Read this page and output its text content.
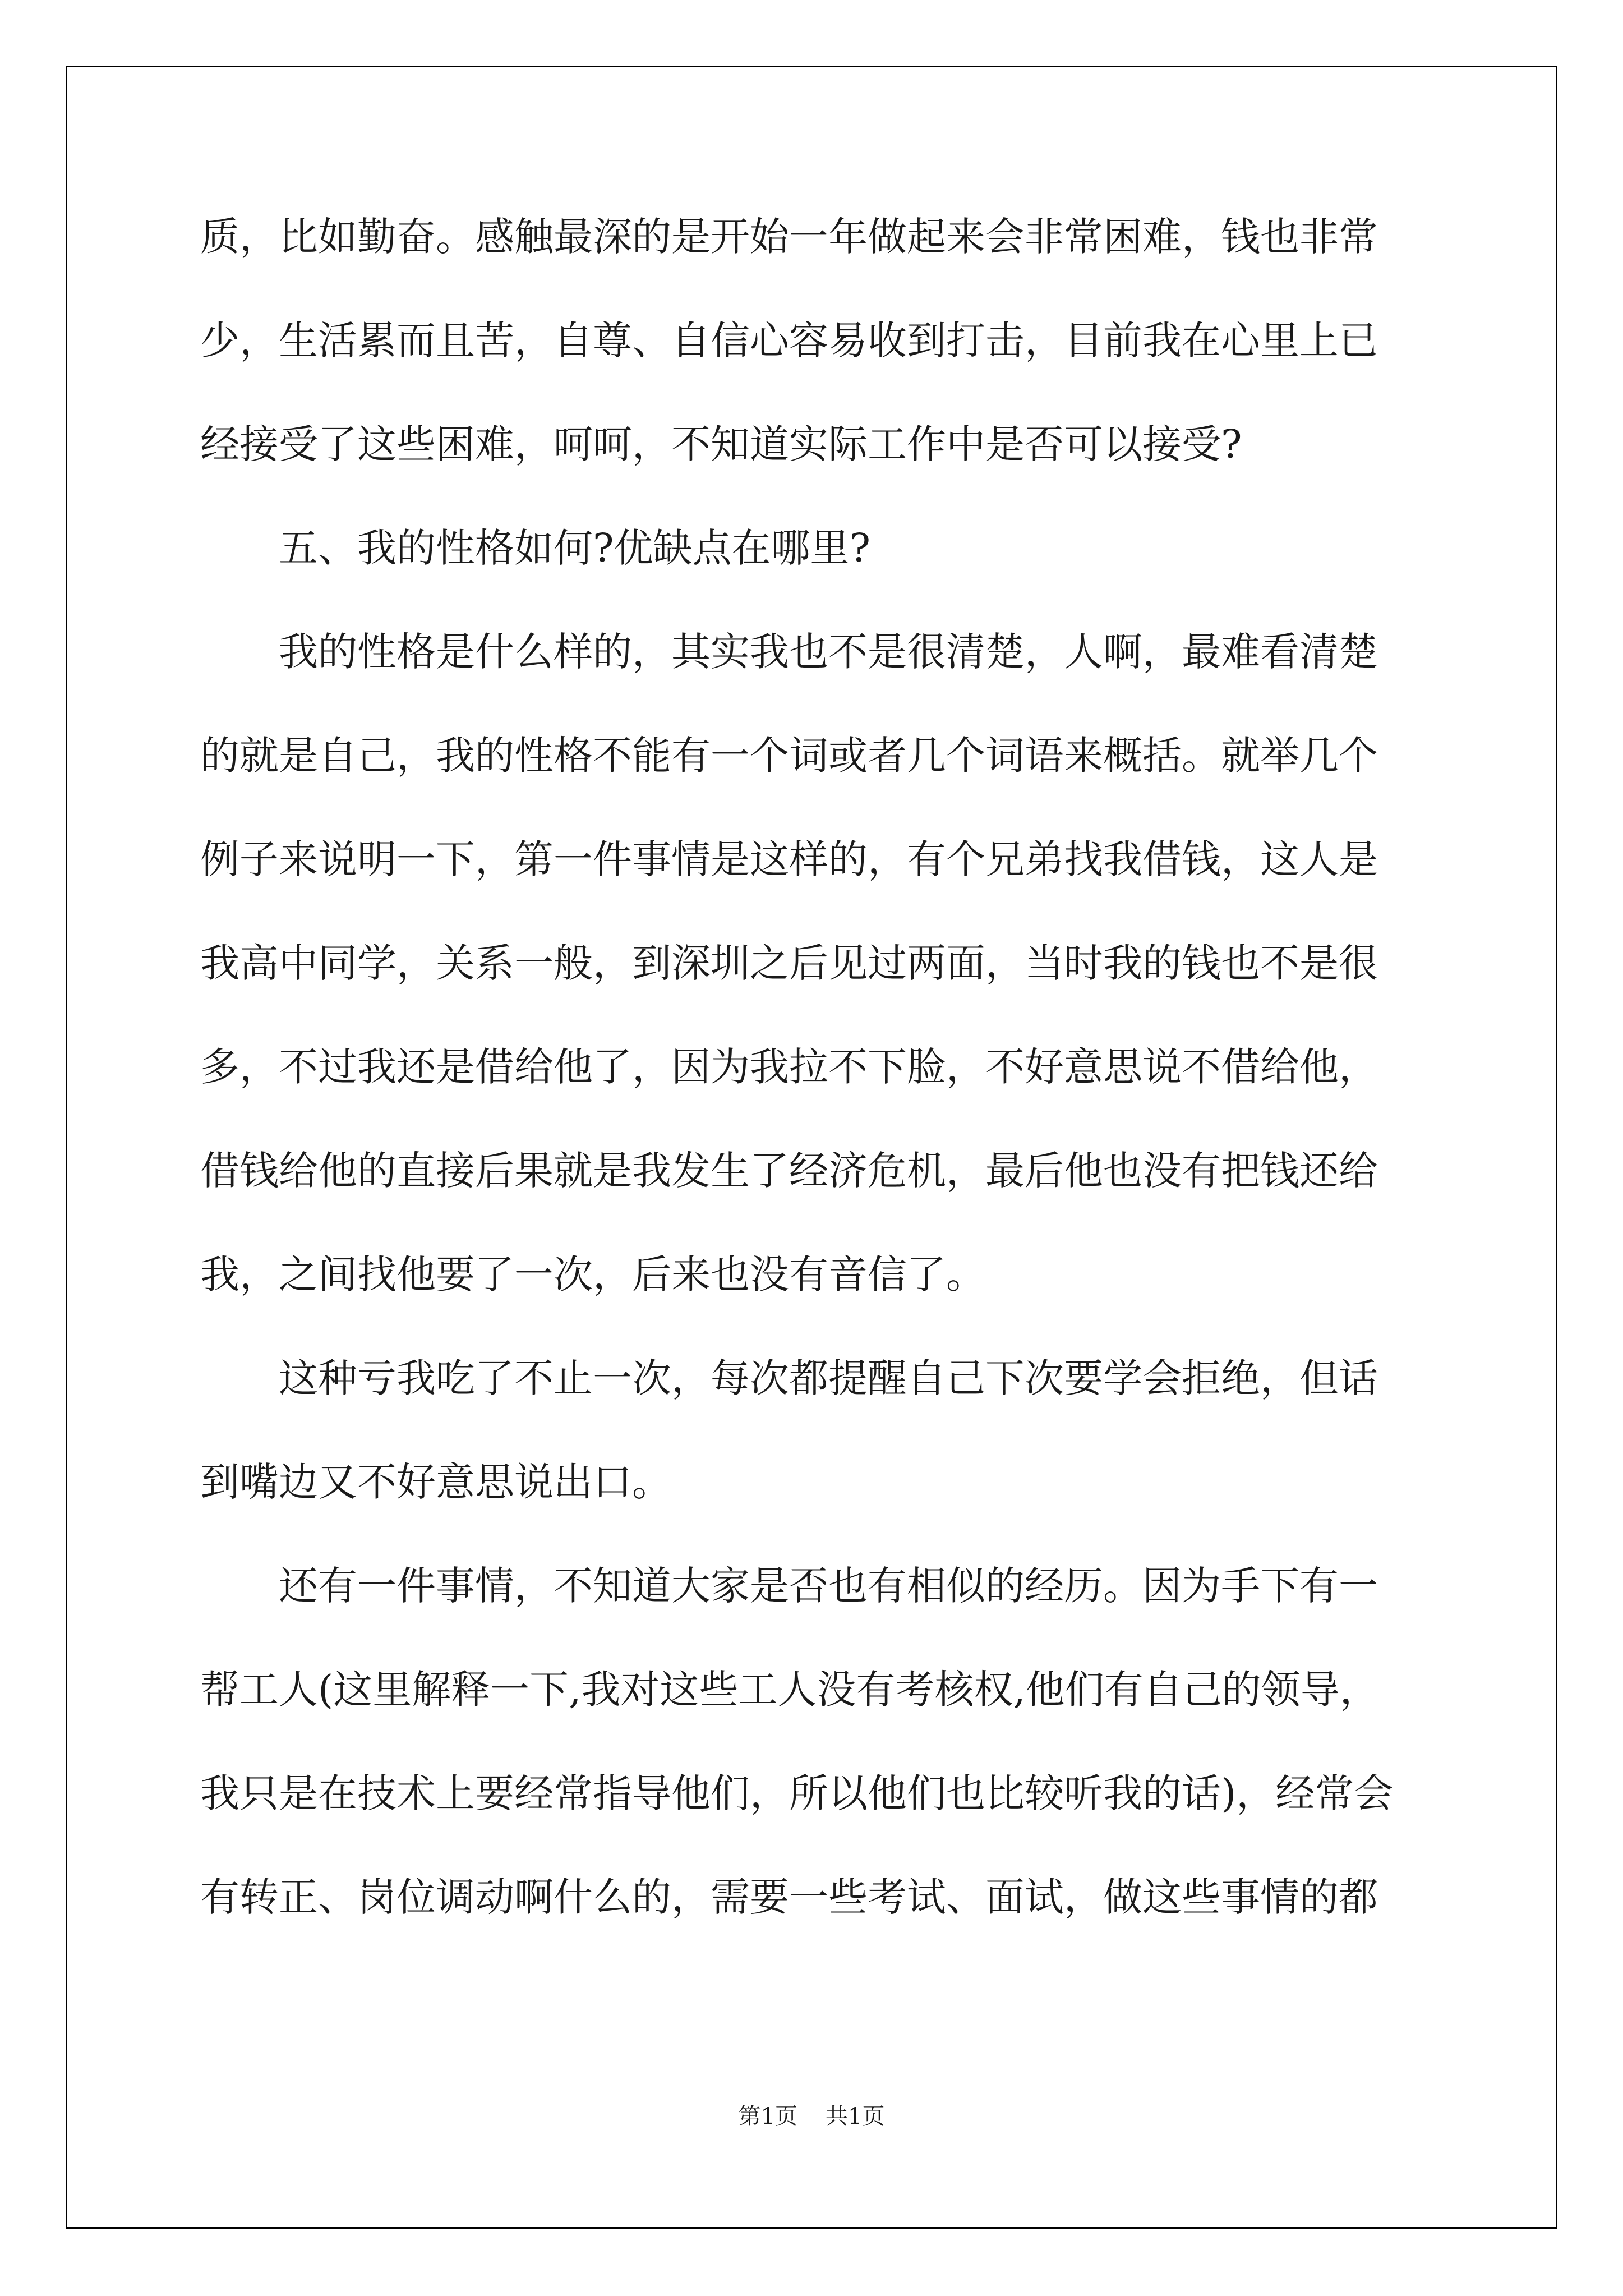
质，比如勤奋。感触最深的是开始一年做起来会非常困难，钱也非常
少，生活累而且苦，自尊、自信心容易收到打击，目前我在心里上已
经接受了这些困难，呵呵，不知道实际工作中是否可以接受?
五、我的性格如何?优缺点在哪里?
我的性格是什么样的，其实我也不是很清楚，人啊，最难看清楚
的就是自己，我的性格不能有一个词或者几个词语来概括。就举几个
例子来说明一下，第一件事情是这样的，有个兄弟找我借钱，这人是
我高中同学，关系一般，到深圳之后见过两面，当时我的钱也不是很
多，不过我还是借给他了，因为我拉不下脸，不好意思说不借给他，
借钱给他的直接后果就是我发生了经济危机，最后他也没有把钱还给
我，之间找他要了一次，后来也没有音信了。
这种亏我吃了不止一次，每次都提醒自己下次要学会拒绝，但话
到嘴边又不好意思说出口。
还有一件事情，不知道大家是否也有相似的经历。因为手下有一
帮工人(这里解释一下,我对这些工人没有考核权,他们有自己的领导，
我只是在技术上要经常指导他们，所以他们也比较听我的话)，经常会
有转正、岗位调动啊什么的，需要一些考试、面试，做这些事情的都
第1页 共1页
